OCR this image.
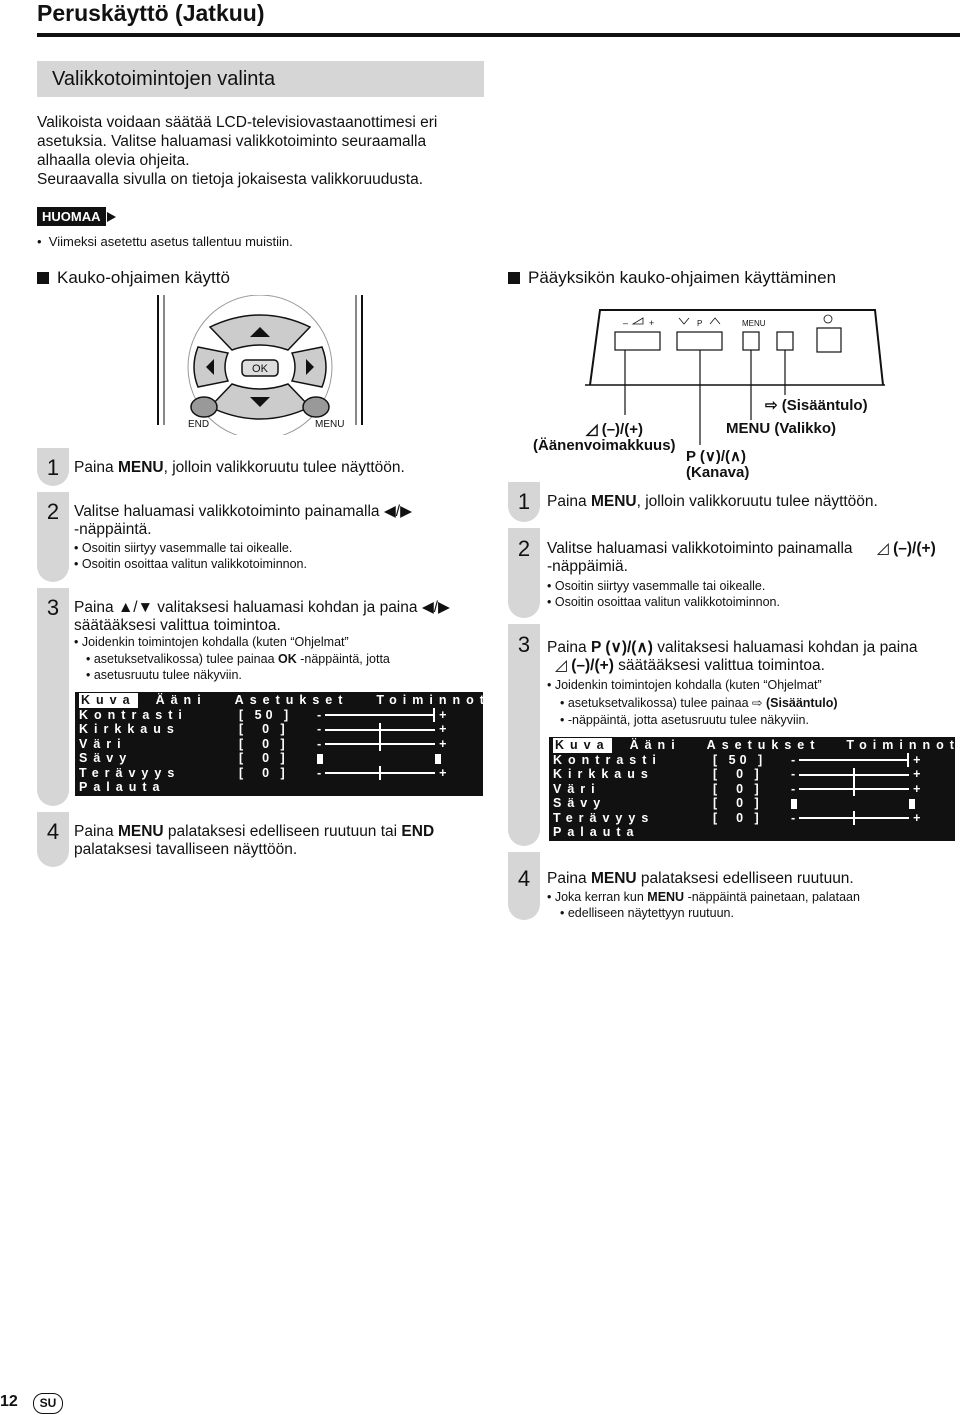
Peruskäyttö (Jatkuu)
Valikkotoimintojen valinta
Valikoista voidaan säätää LCD-televisiovastaanottimesi eri
asetuksia. Valitse haluamasi valikkotoiminto seuraamalla
alhaalla olevia ohjeita.
Seuraavalla sivulla on tietoja jokaisesta valikkoruudusta.
HUOMAA
•  Viimeksi asetettu asetus tallentuu muistiin.
Kauko-ohjaimen käyttö
OK
END	MENU
1 Paina MENU, jolloin valikkoruutu tulee näyttöön.
2 Valitse haluamasi valikkotoiminto painamalla ◀/▶
-näppäintä.
• Osoitin siirtyy vasemmalle tai oikealle.
• Osoitin osoittaa valitun valikkotoiminnon.
3 Paina ▲/▼ valitaksesi haluamasi kohdan ja paina ◀/▶
säätääksesi valittua toimintoa.
• Joidenkin toimintojen kohdalla (kuten “Ohjelmat”
• asetuksetvalikossa) tulee painaa OK -näppäintä, jotta
• asetusruutu tulee näkyviin.
Kuva Ääni Asetukset Toiminnot
Kontrasti	[ 50 ] -	+
Kirkkaus	[  0 ] -	+
Väri	[  0 ] -	+
Sävy	[  0 ]
Terävyys	[  0 ] -	+
Palauta
4 Paina MENU palataksesi edelliseen ruutuun tai END
palataksesi tavalliseen näyttöön.
Pääyksikön kauko-ohjaimen käyttäminen
– +	P	MENU
⇨ (Sisääntulo)
◿ (–)/(+)
(Äänenvoimakkuus)
MENU (Valikko)
P (∨)/(∧)
(Kanava)
1	Paina MENU, jolloin valikkoruutu tulee näyttöön.
2	Valitse haluamasi valikkotoiminto painamalla ◿ (–)/(+)
-näppäimiä.
• Osoitin siirtyy vasemmalle tai oikealle.
• Osoitin osoittaa valitun valikkotoiminnon.
3	Paina P (∨)/(∧) valitaksesi haluamasi kohdan ja paina
◿ (–)/(+) säätääksesi valittua toimintoa.
• Joidenkin toimintojen kohdalla (kuten “Ohjelmat”
• asetuksetvalikossa) tulee painaa ⇨ (Sisääntulo)
• -näppäintä, jotta asetusruutu tulee näkyviin.
Kuva Ääni Asetukset Toiminnot
Kontrasti	[ 50 ] -	+
Kirkkaus	[  0 ] -	+
Väri	[  0 ] -	+
Sävy	[  0 ]
Terävyys	[  0 ] -	+
Palauta
4	Paina MENU palataksesi edelliseen ruutuun.
• Joka kerran kun MENU -näppäintä painetaan, palataan
• edelliseen näytettyyn ruutuun.
12	SU
